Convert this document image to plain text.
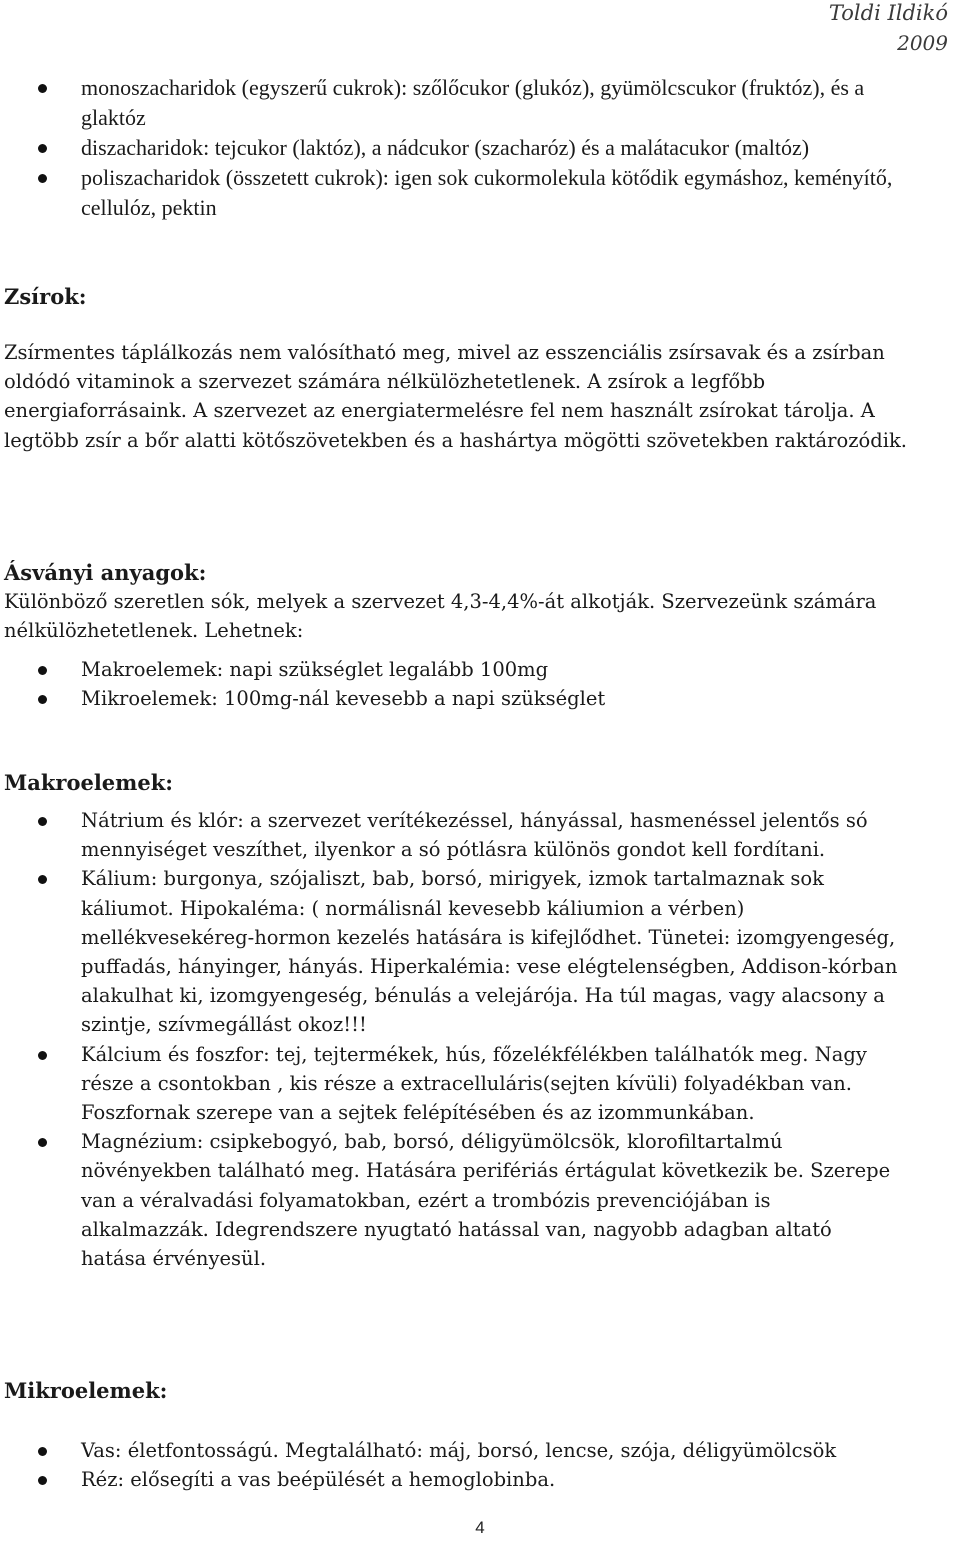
Toldi Ildikó
2009
monoszacharidok (egyszerű cukrok): szőlőcukor (glukóz), gyümölcscukor (fruktóz), és a glaktóz
diszacharidok: tejcukor (laktóz), a nádcukor (szacharóz) és a malátacukor (maltóz)
poliszacharidok (összetett cukrok): igen sok cukormolekula kötődik egymáshoz, keményítő, cellulóz, pektin
Zsírok:

Zsírmentes táplálkozás nem valósítható meg, mivel az esszenciális zsírsavak és a zsírban oldódó vitaminok a szervezet számára nélkülözhetetlenek. A zsírok a legfőbb energiaforrásaink. A szervezet az energiatermelésre fel nem használt zsírokat tárolja. A legtöbb zsír a bőr alatti kötőszövetekben és a hashártya mögötti szövetekben raktározódik.

Ásványi anyagok:

Különböző szeretlen sók, melyek a szervezet 4,3-4,4%-át alkotják. Szervezeünk számára nélkülözhetetlenek. Lehetnek:

Makroelemek: napi szükséglet legalább 100mg
Mikroelemek: 100mg-nál kevesebb a napi szükséglet
Makroelemek:
Nátrium és klór: a szervezet verítékezéssel, hányással, hasmenéssel jelentős só mennyiséget veszíthet, ilyenkor a só pótlásra különös gondot kell fordítani.
Kálium: burgonya, szójaliszt, bab, borsó, mirigyek, izmok tartalmaznak sok káliumot. Hipokaléma: ( normálisnál kevesebb káliumion a vérben) mellékvesekéreg-hormon kezelés hatására is kifejlődhet. Tünetei: izomgyengeség, puffadás, hányinger, hányás. Hiperkalémia: vese elégtelenségben, Addison-kórban alakulhat ki, izomgyengeség, bénulás a velejárója. Ha túl magas, vagy alacsony a szintje, szívmegállást okoz!!!
Kálcium és foszfor: tej, tejtermékek, hús, főzelékfélékben találhatók meg. Nagy része a csontokban , kis része a extracelluláris(sejten kívüli) folyadékban van. Foszfornak szerepe van a sejtek felépítésében és az izommunkában.
Magnézium: csipkebogyó, bab, borsó, déligyümölcsök, klorofiltartalmú növényekben található meg. Hatására perifériás értágulat következik be. Szerepe van a véralvadási folyamatokban, ezért a trombózis prevenciójában is alkalmazzák. Idegrendszere nyugtató hatással van, nagyobb adagban altató hatása érvényesül.
Mikroelemek:
Vas: életfontosságú. Megtalálható: máj, borsó, lencse, szója, déligyümölcsök
Réz: elősegíti a vas beépülését a hemoglobinba.
4
